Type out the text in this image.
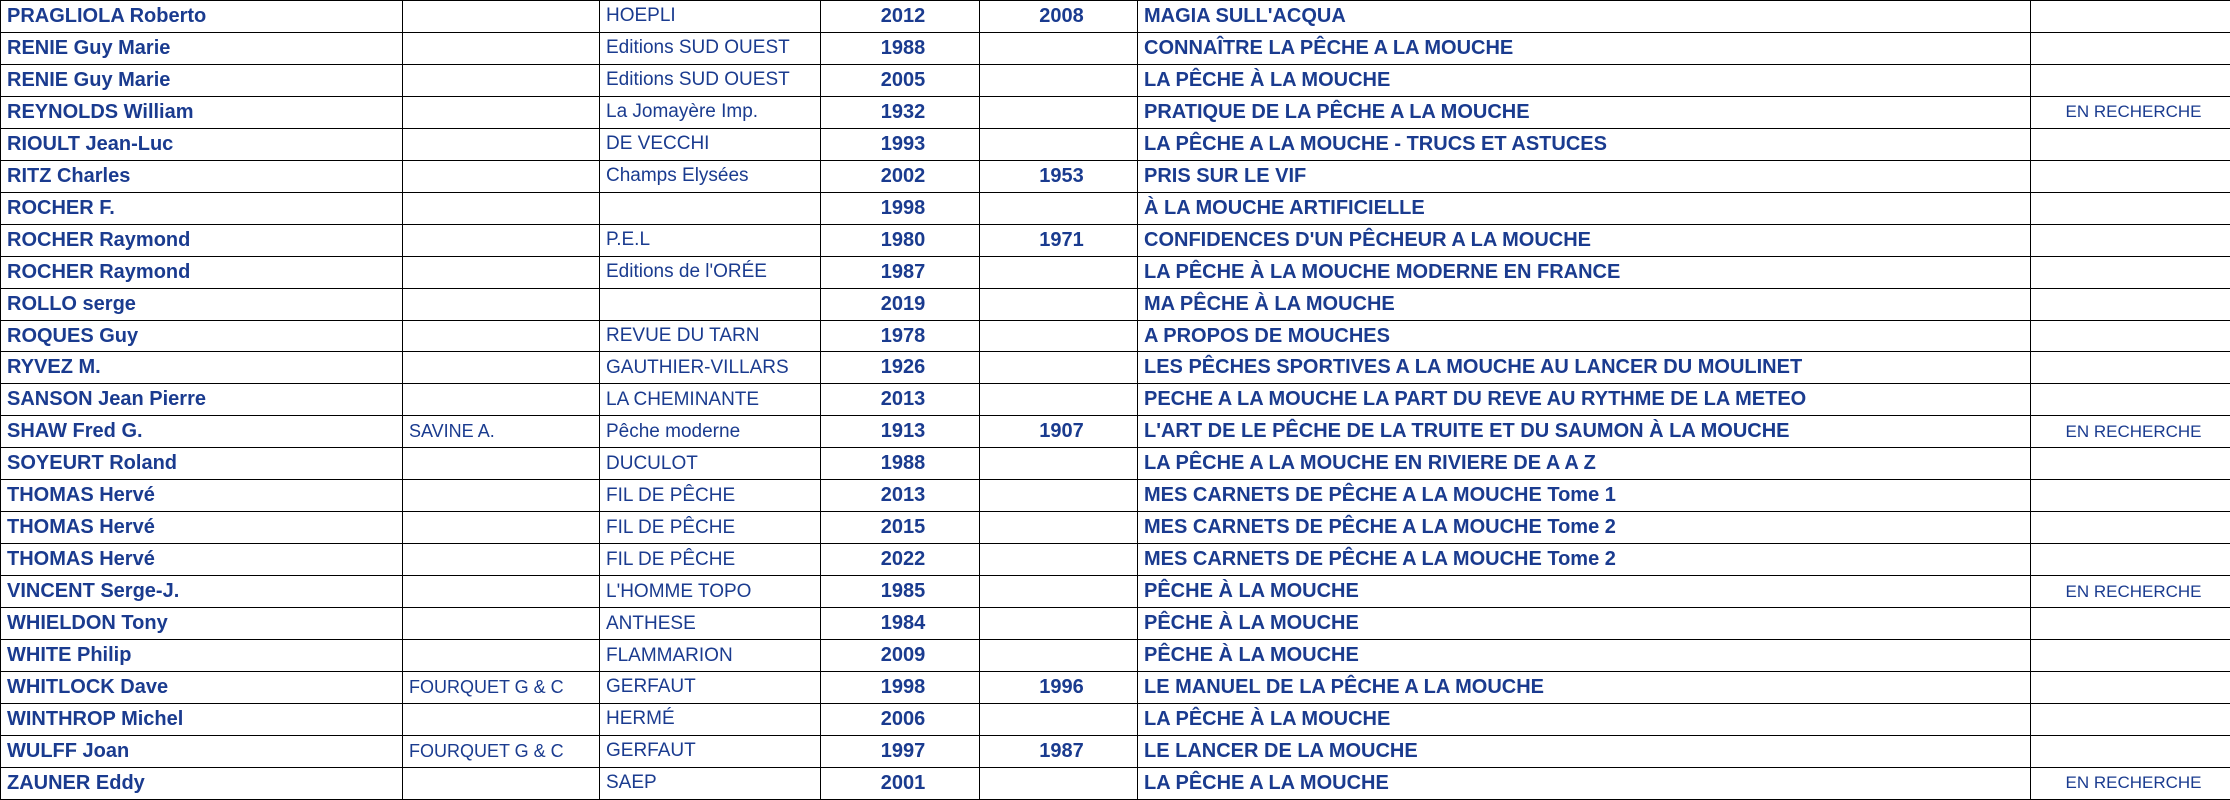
PRAGLIOLA Roberto		HOEPLI	2012	2008	MAGIA SULL'ACQUA	
RENIE Guy Marie		Editions SUD OUEST	1988		CONNAÎTRE LA PÊCHE A LA MOUCHE	
RENIE Guy Marie		Editions SUD OUEST	2005		LA PÊCHE À LA MOUCHE	
REYNOLDS William		La Jomayère Imp.	1932		PRATIQUE DE LA PÊCHE A LA MOUCHE	EN RECHERCHE
RIOULT Jean-Luc		DE VECCHI	1993		LA PÊCHE A LA MOUCHE - TRUCS ET ASTUCES	
RITZ Charles		Champs Elysées	2002	1953	PRIS SUR LE VIF	
ROCHER F.			1998		À LA MOUCHE ARTIFICIELLE	
ROCHER Raymond		P.E.L	1980	1971	CONFIDENCES D'UN PÊCHEUR A LA MOUCHE	
ROCHER Raymond		Editions de l'ORÉE	1987		LA PÊCHE À LA MOUCHE MODERNE EN FRANCE	
ROLLO serge			2019		MA PÊCHE À LA MOUCHE	
ROQUES Guy		REVUE DU TARN	1978		A PROPOS DE MOUCHES	
RYVEZ M.		GAUTHIER-VILLARS	1926		LES PÊCHES SPORTIVES A LA MOUCHE AU LANCER DU MOULINET	
SANSON Jean Pierre		LA CHEMINANTE	2013		PECHE A LA MOUCHE LA PART DU REVE AU RYTHME DE LA METEO	
SHAW Fred G.	SAVINE A.	Pêche moderne	1913	1907	L'ART DE LE PÊCHE DE LA TRUITE ET DU SAUMON À LA MOUCHE	EN RECHERCHE
SOYEURT Roland		DUCULOT	1988		LA PÊCHE A LA MOUCHE EN RIVIERE DE A A Z	
THOMAS Hervé		FIL DE PÊCHE	2013		MES CARNETS DE PÊCHE A LA MOUCHE Tome 1	
THOMAS Hervé		FIL DE PÊCHE	2015		MES CARNETS DE PÊCHE A LA MOUCHE Tome 2	
THOMAS Hervé		FIL DE PÊCHE	2022		MES CARNETS DE PÊCHE A LA MOUCHE Tome 2	
VINCENT Serge-J.		L'HOMME TOPO	1985		PÊCHE À LA MOUCHE	EN RECHERCHE
WHIELDON Tony		ANTHESE	1984		PÊCHE À LA MOUCHE	
WHITE Philip		FLAMMARION	2009		PÊCHE À LA MOUCHE	
WHITLOCK Dave	FOURQUET G & C	GERFAUT	1998	1996	LE MANUEL DE LA PÊCHE A LA MOUCHE	
WINTHROP Michel		HERMÉ	2006		LA PÊCHE À LA MOUCHE	
WULFF Joan	FOURQUET G & C	GERFAUT	1997	1987	LE LANCER DE LA MOUCHE	
ZAUNER Eddy		SAEP	2001		LA PÊCHE A LA MOUCHE	EN RECHERCHE
